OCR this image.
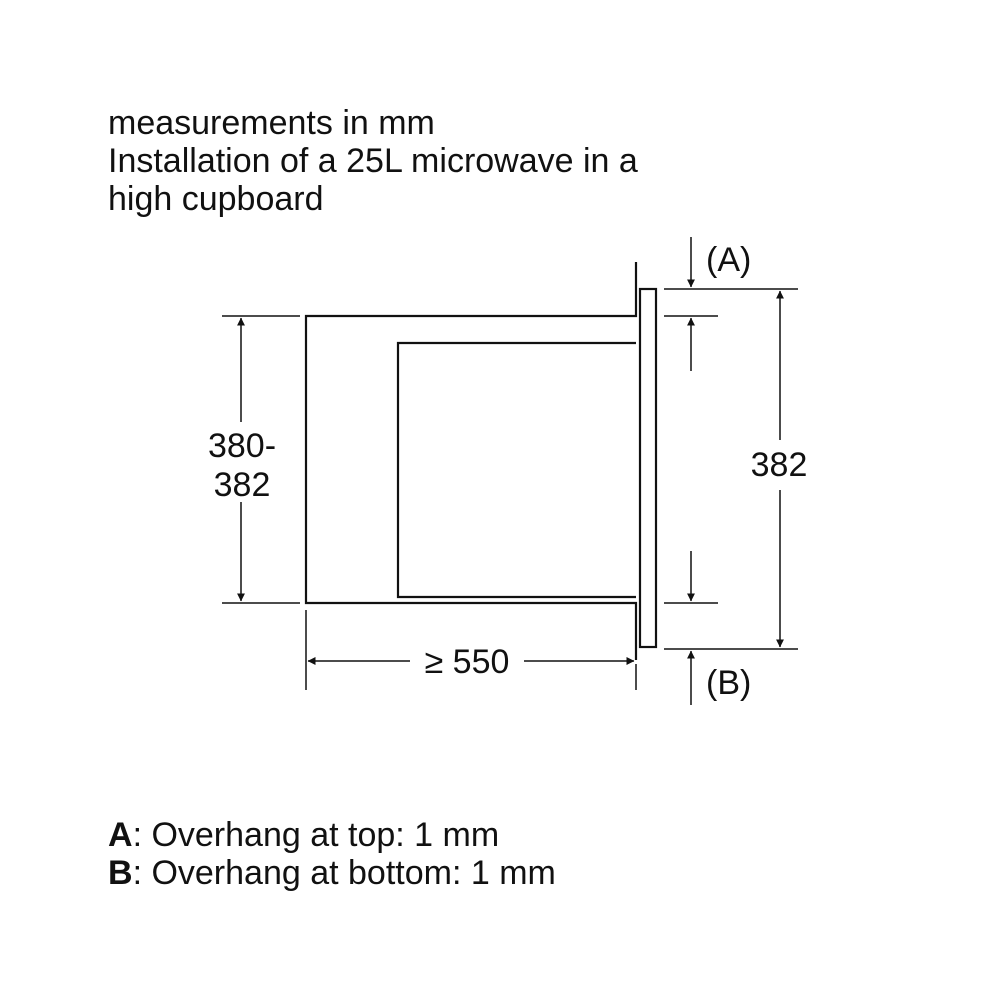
measurements in mm
Installation of a 25L microwave in a
high cupboard
380-
382
≥ 550
382
(A)
(B)
A: Overhang at top: 1 mm
B: Overhang at bottom: 1 mm
